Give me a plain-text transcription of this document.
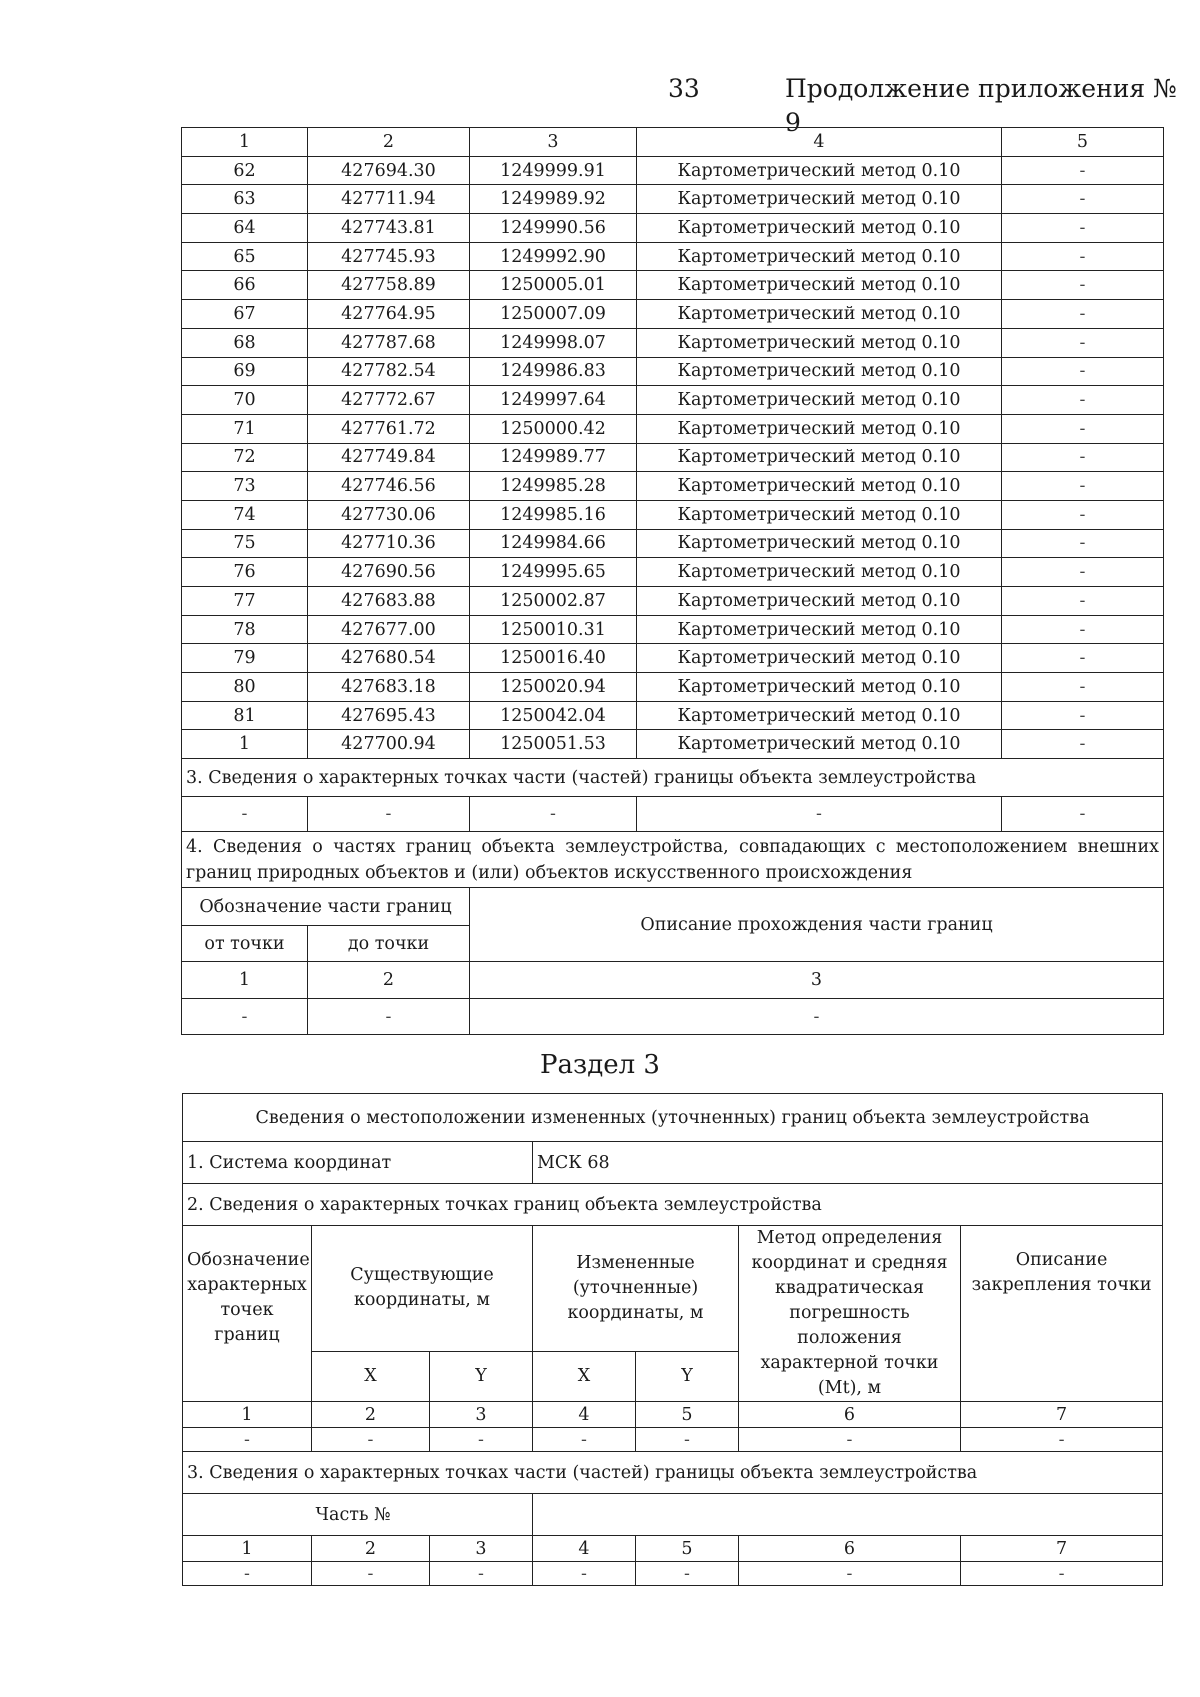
33	Продолжение приложения № 9
1	2	3	4	5
62	427694.30	1249999.91	Картометрический метод 0.10	-
63	427711.94	1249989.92	Картометрический метод 0.10	-
64	427743.81	1249990.56	Картометрический метод 0.10	-
65	427745.93	1249992.90	Картометрический метод 0.10	-
66	427758.89	1250005.01	Картометрический метод 0.10	-
67	427764.95	1250007.09	Картометрический метод 0.10	-
68	427787.68	1249998.07	Картометрический метод 0.10	-
69	427782.54	1249986.83	Картометрический метод 0.10	-
70	427772.67	1249997.64	Картометрический метод 0.10	-
71	427761.72	1250000.42	Картометрический метод 0.10	-
72	427749.84	1249989.77	Картометрический метод 0.10	-
73	427746.56	1249985.28	Картометрический метод 0.10	-
74	427730.06	1249985.16	Картометрический метод 0.10	-
75	427710.36	1249984.66	Картометрический метод 0.10	-
76	427690.56	1249995.65	Картометрический метод 0.10	-
77	427683.88	1250002.87	Картометрический метод 0.10	-
78	427677.00	1250010.31	Картометрический метод 0.10	-
79	427680.54	1250016.40	Картометрический метод 0.10	-
80	427683.18	1250020.94	Картометрический метод 0.10	-
81	427695.43	1250042.04	Картометрический метод 0.10	-
1	427700.94	1250051.53	Картометрический метод 0.10	-
3. Сведения о характерных точках части (частей) границы объекта землеустройства				
-	-	-	-	-
4. Сведения о частях границ объекта землеустройства, совпадающих с местоположением внешних границ природных объектов и (или) объектов искусственного происхождения				
Обозначение части границ		Описание прохождения части границ		
от точки	до точки			
1	2	3		
-	-	-		
Раздел 3
Сведения о местоположении измененных (уточненных) границ объекта землеустройства						
1. Система координат			МСК 68			
2. Сведения о характерных точках границ объекта землеустройства						
Обозначение характерных точек границ	Существующие координаты, м		Измененные (уточненные) координаты, м		Метод определения координат и средняя квадратическая погрешность положения характерной точки (Mt), м	Описание закрепления точки
	X	Y	X	Y		
1	2	3	4	5	6	7
-	-	-	-	-	-	-
3. Сведения о характерных точках части (частей) границы объекта землеустройства						
	Часть №					
1	2	3	4	5	6	7
-	-	-	-	-	-	-
